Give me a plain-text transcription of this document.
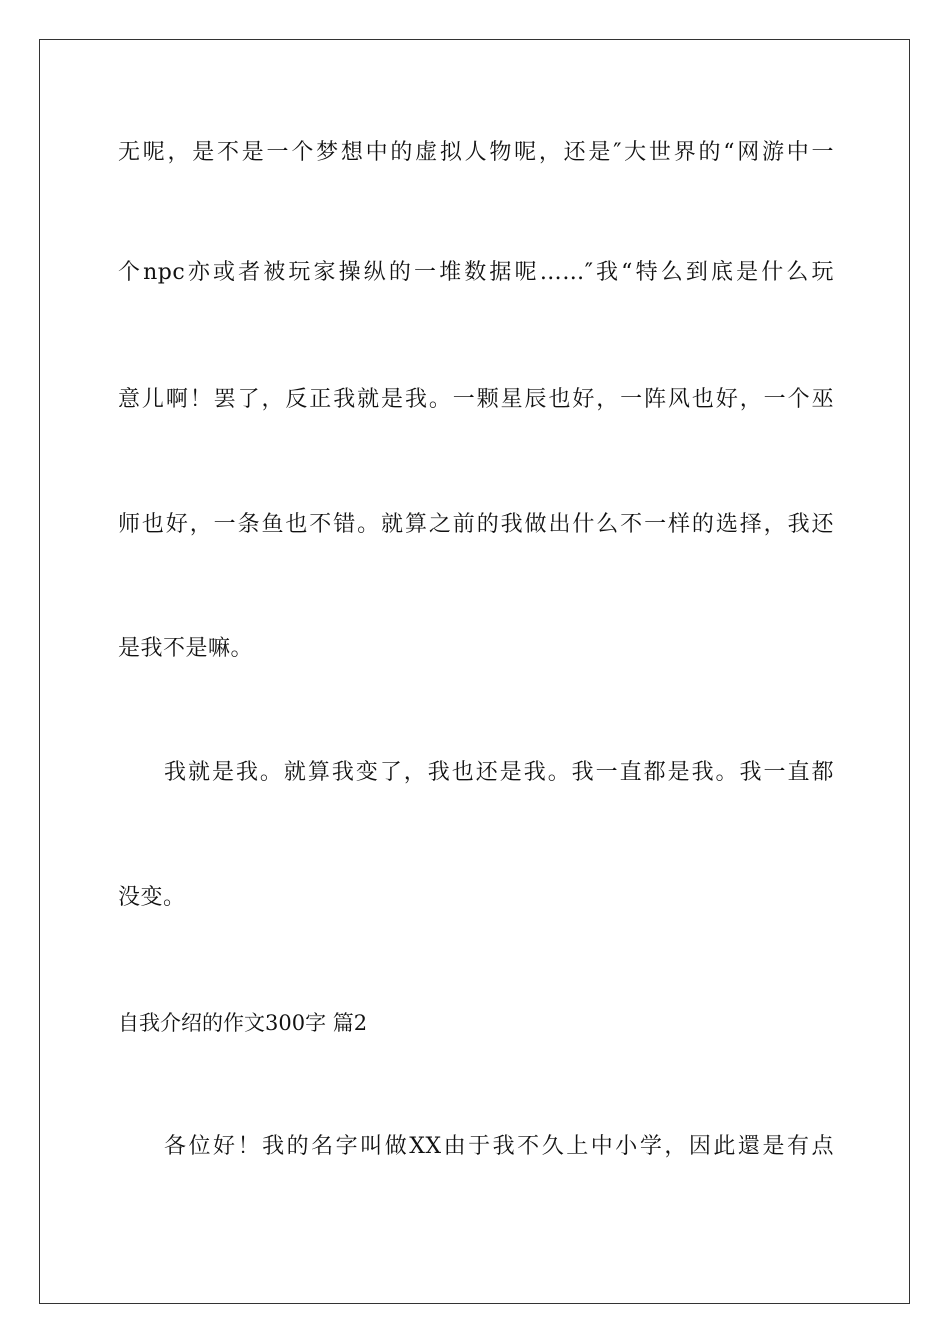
无呢，是不是一个梦想中的虚拟人物呢，还是″大世界的“网游中一
个npc亦或者被玩家操纵的一堆数据呢……″我“特么到底是什么玩
意儿啊！罢了，反正我就是我。一颗星辰也好，一阵风也好，一个巫
师也好，一条鱼也不错。就算之前的我做出什么不一样的选择，我还
是我不是嘛。
我就是我。就算我变了，我也还是我。我一直都是我。我一直都
没变。
自我介绍的作文300字 篇2
各位好！我的名字叫做XX由于我不久上中小学，因此還是有点
